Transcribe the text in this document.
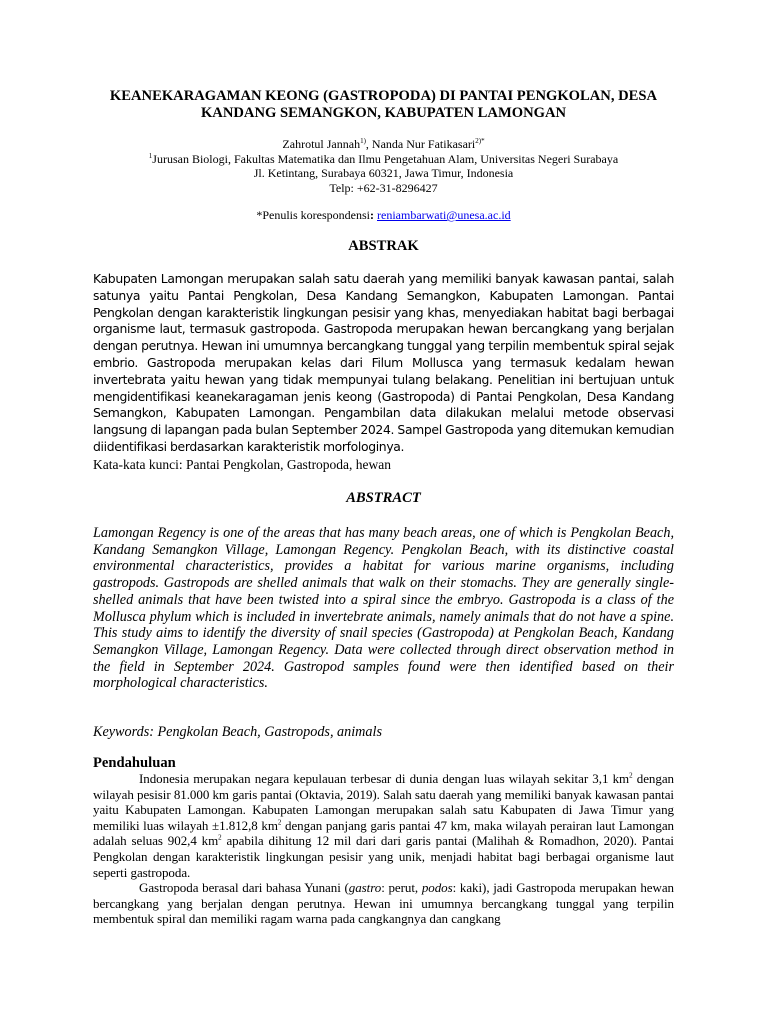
KEANEKARAGAMAN KEONG (GASTROPODA) DI PANTAI PENGKOLAN, DESA
KANDANG SEMANGKON, KABUPATEN LAMONGAN
Zahrotul Jannah$^{1)}$, Nanda Nur Fatikasari$^{2)*}$
$^1$Jurusan Biologi, Fakultas Matematika dan Ilmu Pengetahuan Alam, Universitas Negeri Surabaya
Jl. Ketintang, Surabaya 60321, Jawa Timur, Indonesia
Telp: +62-31-8296427
*Penulis korespondensi: reniambarwati@unesa.ac.id
ABSTRAK
Kabupaten Lamongan merupakan salah satu daerah yang memiliki banyak kawasan pantai, salah satunya yaitu Pantai Pengkolan, Desa Kandang Semangkon, Kabupaten Lamongan. Pantai Pengkolan dengan karakteristik lingkungan pesisir yang khas, menyediakan habitat bagi berbagai organisme laut, termasuk gastropoda. Gastropoda merupakan hewan bercangkang yang berjalan dengan perutnya. Hewan ini umumnya bercangkang tunggal yang terpilin membentuk spiral sejak embrio. Gastropoda merupakan kelas dari Filum Mollusca yang termasuk kedalam hewan invertebrata yaitu hewan yang tidak mempunyai tulang belakang. Penelitian ini bertujuan untuk mengidentifikasi keanekaragaman jenis keong (Gastropoda) di Pantai Pengkolan, Desa Kandang Semangkon, Kabupaten Lamongan. Pengambilan data dilakukan melalui metode observasi langsung di lapangan pada bulan September 2024. Sampel Gastropoda yang ditemukan kemudian diidentifikasi berdasarkan karakteristik morfologinya.
Kata-kata kunci: Pantai Pengkolan, Gastropoda, hewan
ABSTRACT
Lamongan Regency is one of the areas that has many beach areas, one of which is Pengkolan Beach, Kandang Semangkon Village, Lamongan Regency. Pengkolan Beach, with its distinctive coastal environmental characteristics, provides a habitat for various marine organisms, including gastropods. Gastropods are shelled animals that walk on their stomachs. They are generally single-shelled animals that have been twisted into a spiral since the embryo. Gastropoda is a class of the Mollusca phylum which is included in invertebrate animals, namely animals that do not have a spine. This study aims to identify the diversity of snail species (Gastropoda) at Pengkolan Beach, Kandang Semangkon Village, Lamongan Regency. Data were collected through direct observation method in the field in September 2024. Gastropod samples found were then identified based on their morphological characteristics.
Keywords: Pengkolan Beach, Gastropods, animals
Pendahuluan
Indonesia merupakan negara kepulauan terbesar di dunia dengan luas wilayah sekitar 3,1 $km^2$ dengan wilayah pesisir 81.000 km garis pantai (Oktavia, 2019). Salah satu daerah yang memiliki banyak kawasan pantai yaitu Kabupaten Lamongan. Kabupaten Lamongan merupakan salah satu Kabupaten di Jawa Timur yang memiliki luas wilayah ±1.812,8 $km^2$ dengan panjang garis pantai 47 km, maka wilayah perairan laut Lamongan adalah seluas 902,4 $km^2$ apabila dihitung 12 mil dari dari garis pantai (Malihah & Romadhon, 2020). Pantai Pengkolan dengan karakteristik lingkungan pesisir yang unik, menjadi habitat bagi berbagai organisme laut seperti gastropoda.
Gastropoda berasal dari bahasa Yunani (gastro: perut, podos: kaki), jadi Gastropoda merupakan hewan bercangkang yang berjalan dengan perutnya. Hewan ini umumnya bercangkang tunggal yang terpilin membentuk spiral dan memiliki ragam warna pada cangkangnya dan cangkang
